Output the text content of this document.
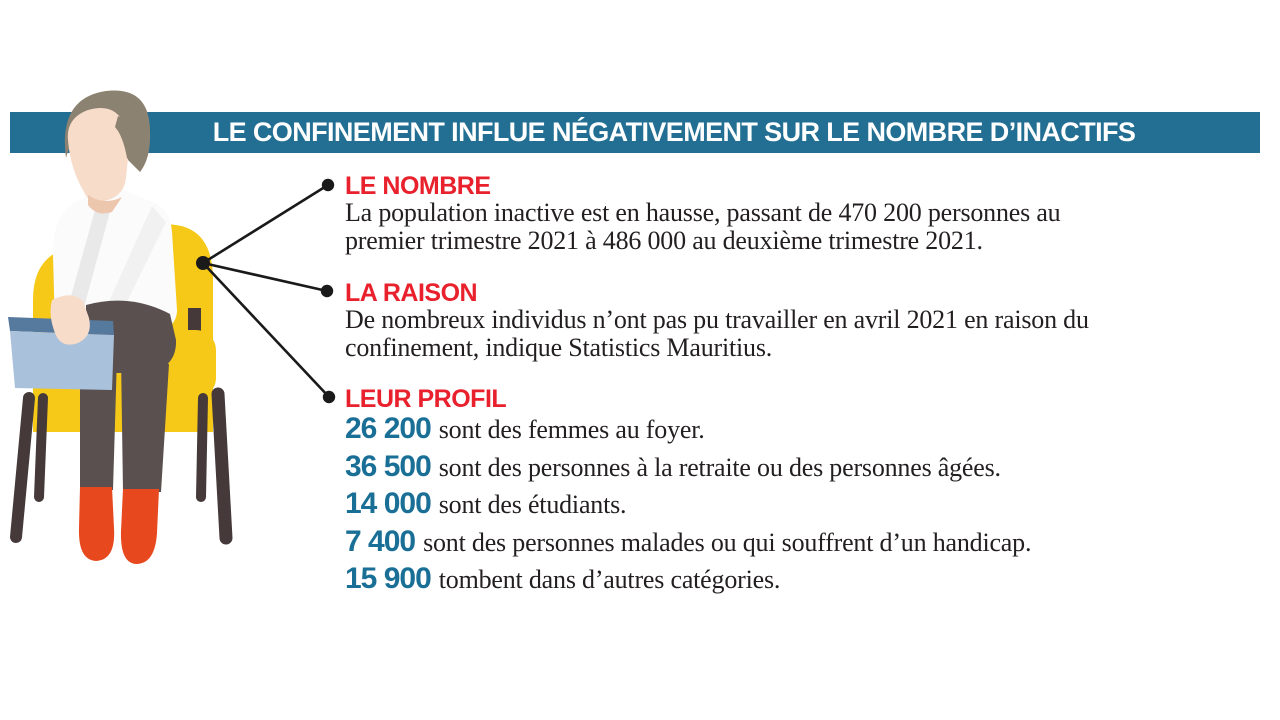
LE CONFINEMENT INFLUE NÉGATIVEMENT SUR LE NOMBRE D’INACTIFS
LE NOMBRE
La population inactive est en hausse, passant de 470 200 personnes au
premier trimestre 2021 à 486 000 au deuxième trimestre 2021.
LA RAISON
De nombreux individus n’ont pas pu travailler en avril 2021 en raison du
confinement, indique Statistics Mauritius.
LEUR PROFIL
26 200 sont des femmes au foyer.
36 500 sont des personnes à la retraite ou des personnes âgées.
14 000 sont des étudiants.
7 400 sont des personnes malades ou qui souffrent d’un handicap.
15 900 tombent dans d’autres catégories.
